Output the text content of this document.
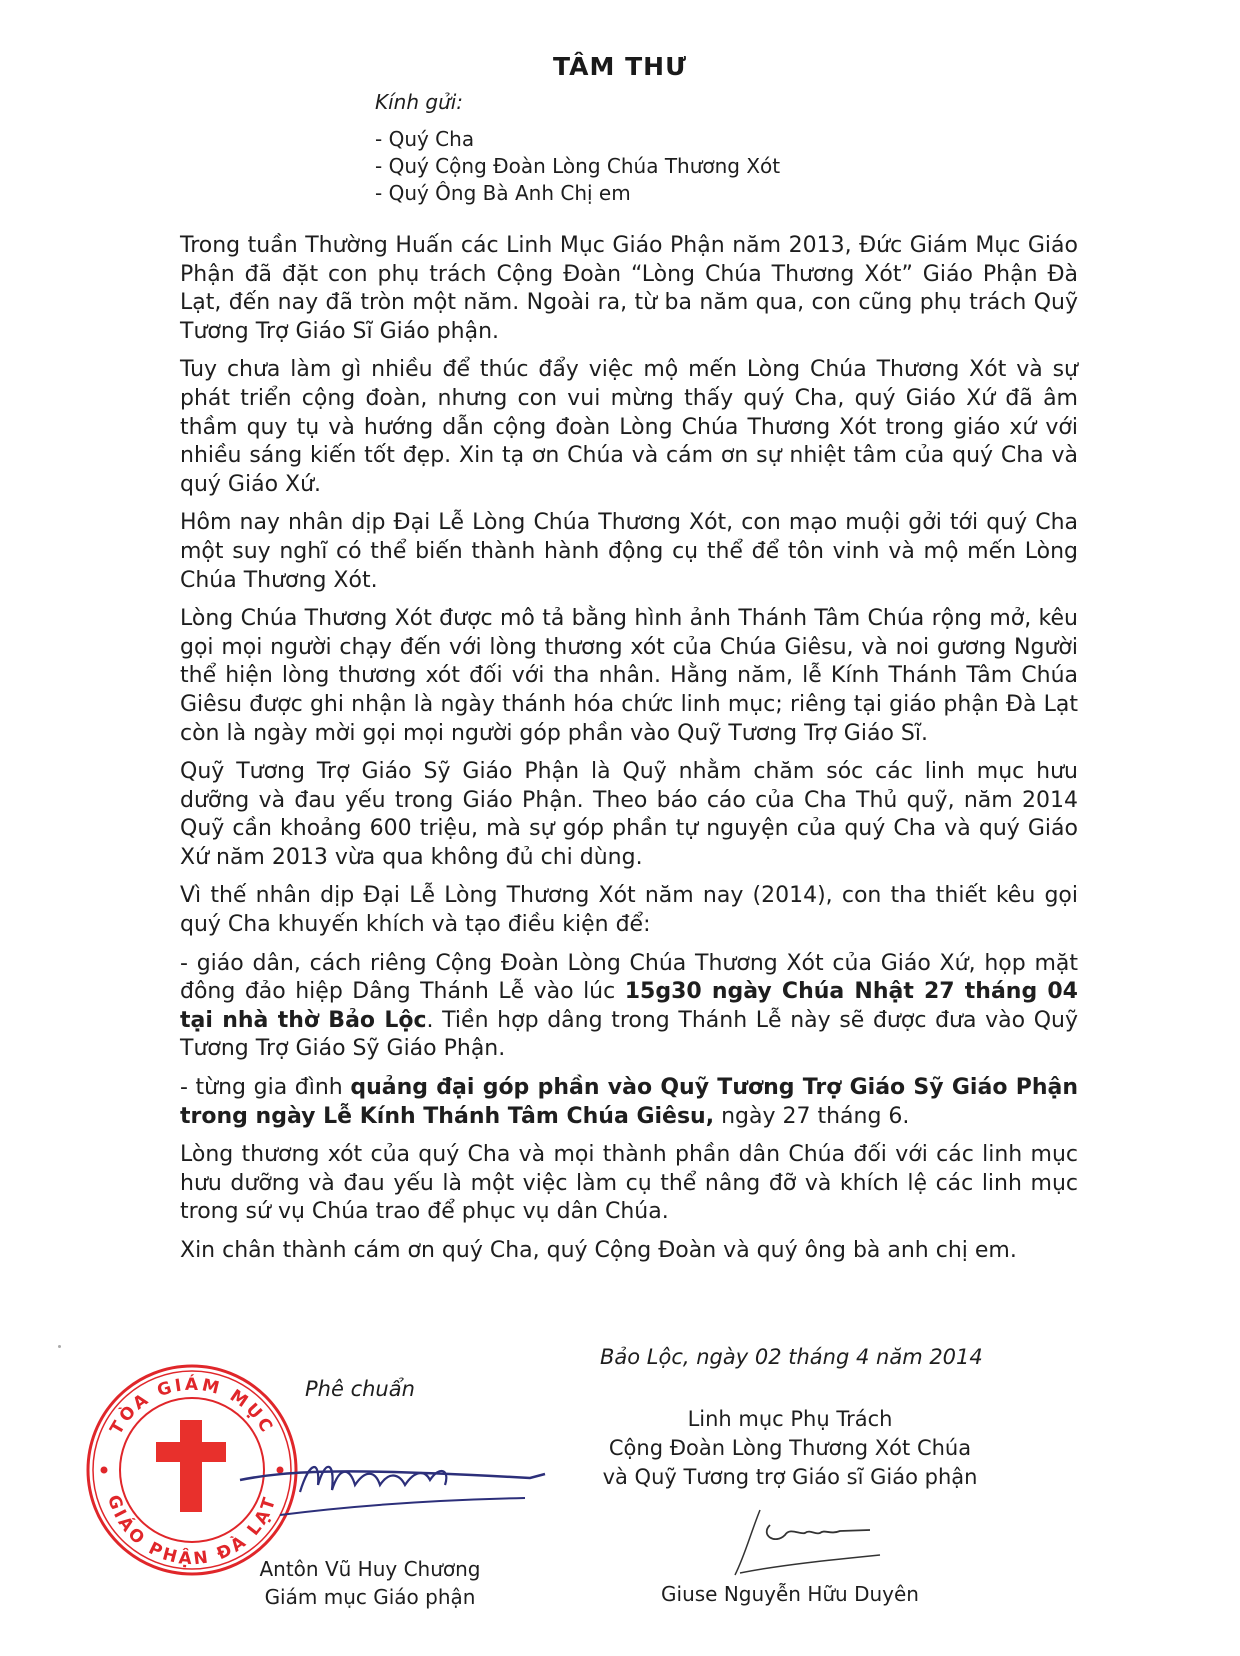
TÂM THƯ
Kính gửi:
- Quý Cha
- Quý Cộng Đoàn Lòng Chúa Thương Xót
- Quý Ông Bà Anh Chị em

Trong tuần Thường Huấn các Linh Mục Giáo Phận năm 2013, Đức Giám Mục Giáo Phận đã đặt con phụ trách Cộng Đoàn “Lòng Chúa Thương Xót” Giáo Phận Đà Lạt, đến nay đã tròn một năm. Ngoài ra, từ ba năm qua, con cũng phụ trách Quỹ Tương Trợ Giáo Sĩ Giáo phận.

Tuy chưa làm gì nhiều để thúc đẩy việc mộ mến Lòng Chúa Thương Xót và sự phát triển cộng đoàn, nhưng con vui mừng thấy quý Cha, quý Giáo Xứ đã âm thầm quy tụ và hướng dẫn cộng đoàn Lòng Chúa Thương Xót trong giáo xứ với nhiều sáng kiến tốt đẹp. Xin tạ ơn Chúa và cám ơn sự nhiệt tâm của quý Cha và quý Giáo Xứ.

Hôm nay nhân dịp Đại Lễ Lòng Chúa Thương Xót, con mạo muội gởi tới quý Cha một suy nghĩ có thể biến thành hành động cụ thể để tôn vinh và mộ mến Lòng Chúa Thương Xót.

Lòng Chúa Thương Xót được mô tả bằng hình ảnh Thánh Tâm Chúa rộng mở, kêu gọi mọi người chạy đến với lòng thương xót của Chúa Giêsu, và noi gương Người thể hiện lòng thương xót đối với tha nhân. Hằng năm, lễ Kính Thánh Tâm Chúa Giêsu được ghi nhận là ngày thánh hóa chức linh mục; riêng tại giáo phận Đà Lạt còn là ngày mời gọi mọi người góp phần vào Quỹ Tương Trợ Giáo Sĩ.

Quỹ Tương Trợ Giáo Sỹ Giáo Phận là Quỹ nhằm chăm sóc các linh mục hưu dưỡng và đau yếu trong Giáo Phận. Theo báo cáo của Cha Thủ quỹ, năm 2014 Quỹ cần khoảng 600 triệu, mà sự góp phần tự nguyện của quý Cha và quý Giáo Xứ năm 2013 vừa qua không đủ chi dùng.

Vì thế nhân dịp Đại Lễ Lòng Thương Xót năm nay (2014), con tha thiết kêu gọi quý Cha khuyến khích và tạo điều kiện để:

- giáo dân, cách riêng Cộng Đoàn Lòng Chúa Thương Xót của Giáo Xứ, họp mặt đông đảo hiệp Dâng Thánh Lễ vào lúc 15g30 ngày Chúa Nhật 27 tháng 04 tại nhà thờ Bảo Lộc. Tiền hợp dâng trong Thánh Lễ này sẽ được đưa vào Quỹ Tương Trợ Giáo Sỹ Giáo Phận.

- từng gia đình quảng đại góp phần vào Quỹ Tương Trợ Giáo Sỹ Giáo Phận trong ngày Lễ Kính Thánh Tâm Chúa Giêsu, ngày 27 tháng 6.

Lòng thương xót của quý Cha và mọi thành phần dân Chúa đối với các linh mục hưu dưỡng và đau yếu là một việc làm cụ thể nâng đỡ và khích lệ các linh mục trong sứ vụ Chúa trao để phục vụ dân Chúa.

Xin chân thành cám ơn quý Cha, quý Cộng Đoàn và quý ông bà anh chị em.

Bảo Lộc, ngày 02 tháng 4 năm 2014
Phê chuẩn
TÒA GIÁM MỤC
GIÁO PHẬN ĐÀ LẠT
Linh mục Phụ Trách
Cộng Đoàn Lòng Thương Xót Chúa
và Quỹ Tương trợ Giáo sĩ Giáo phận
Giuse Nguyễn Hữu Duyên
Antôn Vũ Huy Chương
Giám mục Giáo phận
